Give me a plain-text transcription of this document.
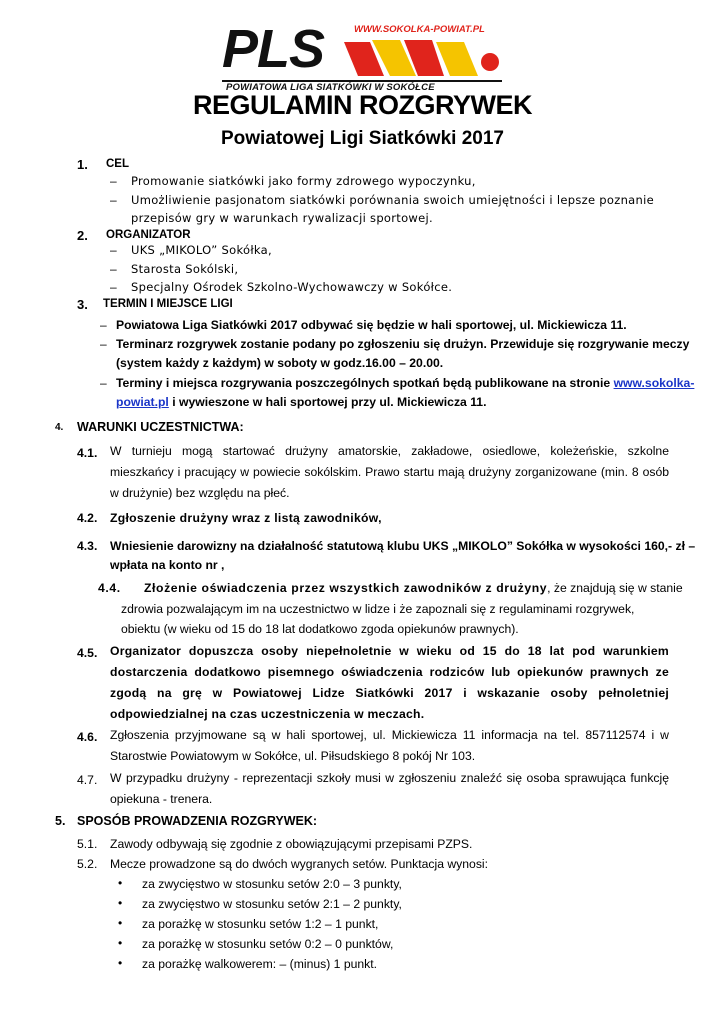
PLS	WWW.SOKOLKA-POWIAT.PL
POWIATOWA LIGA SIATKÓWKI W SOKÓŁCE
REGULAMIN ROZGRYWEK
Powiatowej Ligi Siatkówki 2017
1. CEL
– Promowanie siatkówki jako formy zdrowego wypoczynku,
– Umożliwienie pasjonatom siatkówki porównania swoich umiejętności i lepsze poznanie
przepisów gry w warunkach rywalizacji sportowej.
2. ORGANIZATOR
– UKS „MIKOLO” Sokółka,
– Starosta Sokólski,
– Specjalny Ośrodek Szkolno-Wychowawczy w Sokółce.
3. TERMIN I MIEJSCE LIGI
– Powiatowa Liga Siatkówki 2017 odbywać się będzie w hali sportowej, ul. Mickiewicza 11.
– Terminarz rozgrywek zostanie podany po zgłoszeniu się drużyn. Przewiduje się rozgrywanie meczy
(system każdy z każdym) w soboty w godz.16.00 – 20.00.
– Terminy i miejsca rozgrywania poszczególnych spotkań będą publikowane na stronie www.sokolka-
powiat.pl i wywieszone w hali sportowej przy ul. Mickiewicza 11.
4. WARUNKI UCZESTNICTWA:
4.1. W turnieju mogą startować drużyny amatorskie, zakładowe, osiedlowe, koleżeńskie, szkolne mieszkańcy i pracujący w powiecie sokólskim. Prawo startu mają drużyny zorganizowane (min. 8 osób w drużynie) bez względu na płeć.
4.2. Zgłoszenie drużyny wraz z listą zawodników,
4.3. Wniesienie darowizny na działalność statutową klubu UKS „MIKOLO” Sokółka w wysokości 160,- zł –
wpłata na konto nr ,
4.4. Złożenie oświadczenia przez wszystkich zawodników z drużyny, że znajdują się w stanie
zdrowia pozwalającym im na uczestnictwo w lidze i że zapoznali się z regulaminami rozgrywek,
obiektu (w wieku od 15 do 18 lat dodatkowo zgoda opiekunów prawnych).
4.5. Organizator dopuszcza osoby niepełnoletnie w wieku od 15 do 18 lat pod warunkiem dostarczenia dodatkowo pisemnego oświadczenia rodziców lub opiekunów prawnych ze zgodą na grę w Powiatowej Lidze Siatkówki 2017 i wskazanie osoby pełnoletniej odpowiedzialnej na czas uczestniczenia w meczach.
4.6. Zgłoszenia przyjmowane są w hali sportowej, ul. Mickiewicza 11 informacja na tel. 857112574 i w Starostwie Powiatowym w Sokółce, ul. Piłsudskiego 8 pokój Nr 103.
4.7. W przypadku drużyny - reprezentacji szkoły musi w zgłoszeniu znaleźć się osoba sprawująca funkcję opiekuna - trenera.
5. SPOSÓB PROWADZENIA ROZGRYWEK:
5.1. Zawody odbywają się zgodnie z obowiązującymi przepisami PZPS.
5.2. Mecze prowadzone są do dwóch wygranych setów. Punktacja wynosi:
• za zwycięstwo w stosunku setów 2:0 – 3 punkty,
• za zwycięstwo w stosunku setów 2:1 – 2 punkty,
• za porażkę w stosunku setów 1:2 – 1 punkt,
• za porażkę w stosunku setów 0:2 – 0 punktów,
• za porażkę walkowerem: – (minus) 1 punkt.
